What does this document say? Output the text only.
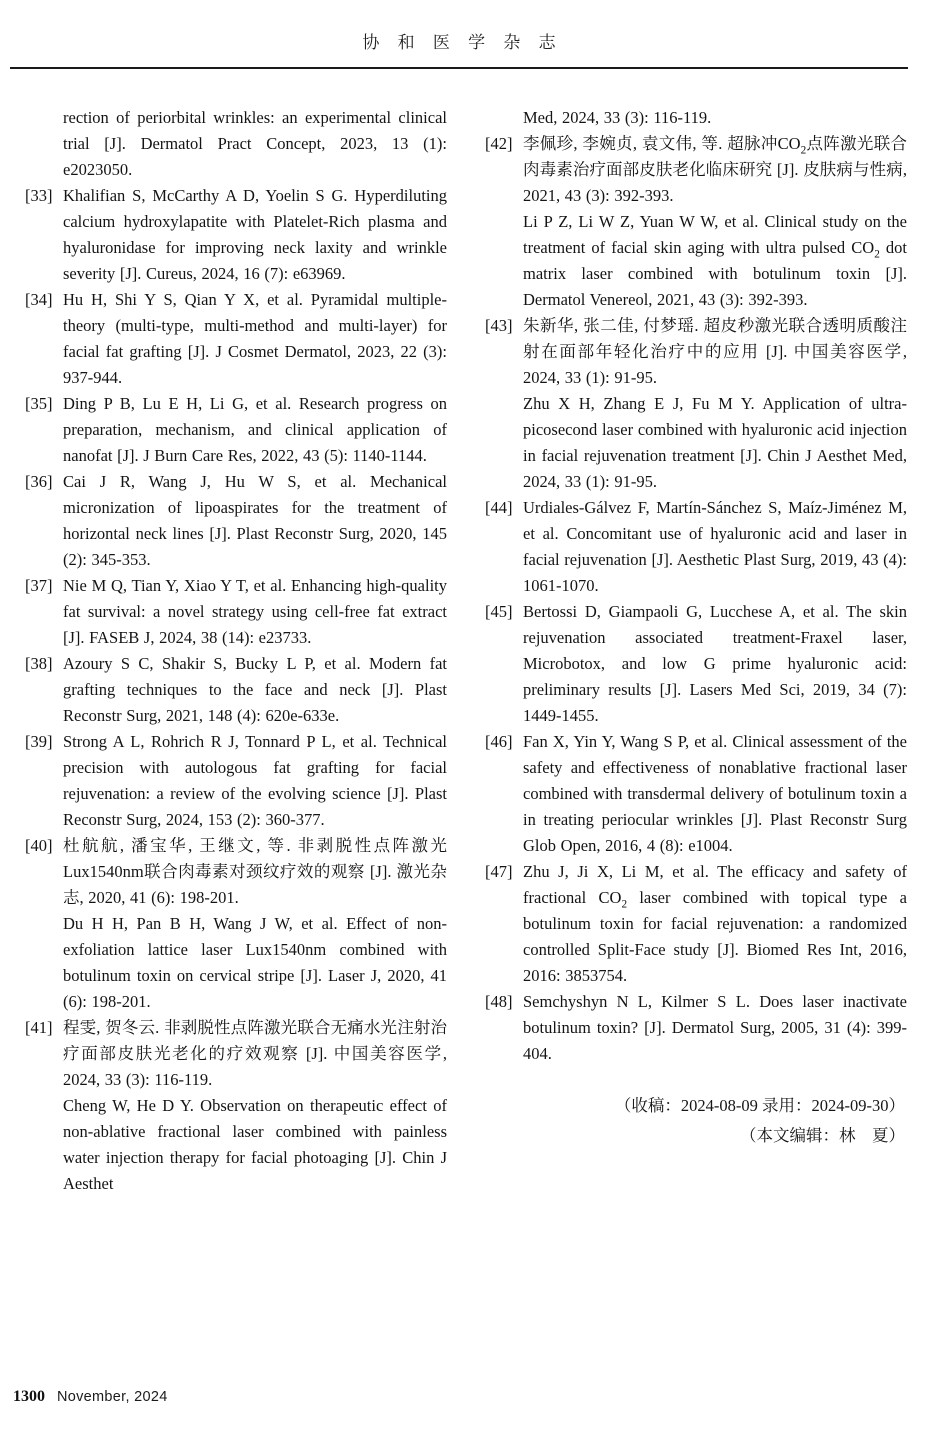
协 和 医 学 杂 志

rection of periorbital wrinkles: an experimental clinical trial [J]. Dermatol Pract Concept, 2023, 13 (1): e2023050.

[33] Khalifian S, McCarthy A D, Yoelin S G. Hyperdiluting calcium hydroxylapatite with Platelet-Rich plasma and hyaluronidase for improving neck laxity and wrinkle severity [J]. Cureus, 2024, 16 (7): e63969.

[34] Hu H, Shi Y S, Qian Y X, et al. Pyramidal multiple-theory (multi-type, multi-method and multi-layer) for facial fat grafting [J]. J Cosmet Dermatol, 2023, 22 (3): 937-944.

[35] Ding P B, Lu E H, Li G, et al. Research progress on preparation, mechanism, and clinical application of nanofat [J]. J Burn Care Res, 2022, 43 (5): 1140-1144.

[36] Cai J R, Wang J, Hu W S, et al. Mechanical micronization of lipoaspirates for the treatment of horizontal neck lines [J]. Plast Reconstr Surg, 2020, 145 (2): 345-353.

[37] Nie M Q, Tian Y, Xiao Y T, et al. Enhancing high-quality fat survival: a novel strategy using cell-free fat extract [J]. FASEB J, 2024, 38 (14): e23733.

[38] Azoury S C, Shakir S, Bucky L P, et al. Modern fat grafting techniques to the face and neck [J]. Plast Reconstr Surg, 2021, 148 (4): 620e-633e.

[39] Strong A L, Rohrich R J, Tonnard P L, et al. Technical precision with autologous fat grafting for facial rejuvenation: a review of the evolving science [J]. Plast Reconstr Surg, 2024, 153 (2): 360-377.

[40] 杜航航, 潘宝华, 王继文, 等. 非剥脱性点阵激光Lux1540nm联合肉毒素对颈纹疗效的观察 [J]. 激光杂志, 2020, 41 (6): 198-201.

Du H H, Pan B H, Wang J W, et al. Effect of non-exfoliation lattice laser Lux1540nm combined with botulinum toxin on cervical stripe [J]. Laser J, 2020, 41 (6): 198-201.

[41] 程雯, 贺冬云. 非剥脱性点阵激光联合无痛水光注射治疗面部皮肤光老化的疗效观察 [J]. 中国美容医学, 2024, 33 (3): 116-119.

Cheng W, He D Y. Observation on therapeutic effect of non-ablative fractional laser combined with painless water injection therapy for facial photoaging [J]. Chin J Aesthet

Med, 2024, 33 (3): 116-119.

[42] 李佩珍, 李婉贞, 袁文伟, 等. 超脉冲$CO_2$点阵激光联合肉毒素治疗面部皮肤老化临床研究 [J]. 皮肤病与性病, 2021, 43 (3): 392-393.

Li P Z, Li W Z, Yuan W W, et al. Clinical study on the treatment of facial skin aging with ultra pulsed $CO_2$ dot matrix laser combined with botulinum toxin [J]. Dermatol Venereol, 2021, 43 (3): 392-393.

[43] 朱新华, 张二佳, 付梦瑶. 超皮秒激光联合透明质酸注射在面部年轻化治疗中的应用 [J]. 中国美容医学, 2024, 33 (1): 91-95.

Zhu X H, Zhang E J, Fu M Y. Application of ultra-picosecond laser combined with hyaluronic acid injection in facial rejuvenation treatment [J]. Chin J Aesthet Med, 2024, 33 (1): 91-95.

[44] Urdiales-Gálvez F, Martín-Sánchez S, Maíz-Jiménez M, et al. Concomitant use of hyaluronic acid and laser in facial rejuvenation [J]. Aesthetic Plast Surg, 2019, 43 (4): 1061-1070.

[45] Bertossi D, Giampaoli G, Lucchese A, et al. The skin rejuvenation associated treatment-Fraxel laser, Microbotox, and low G prime hyaluronic acid: preliminary results [J]. Lasers Med Sci, 2019, 34 (7): 1449-1455.

[46] Fan X, Yin Y, Wang S P, et al. Clinical assessment of the safety and effectiveness of nonablative fractional laser combined with transdermal delivery of botulinum toxin a in treating periocular wrinkles [J]. Plast Reconstr Surg Glob Open, 2016, 4 (8): e1004.

[47] Zhu J, Ji X, Li M, et al. The efficacy and safety of fractional $CO_2$ laser combined with topical type a botulinum toxin for facial rejuvenation: a randomized controlled Split-Face study [J]. Biomed Res Int, 2016, 2016: 3853754.

[48] Semchyshyn N L, Kilmer S L. Does laser inactivate botulinum toxin? [J]. Dermatol Surg, 2005, 31 (4): 399-404.

（收稿：2024-08-09 录用：2024-09-30）
（本文编辑：林　夏）
1300 November, 2024
